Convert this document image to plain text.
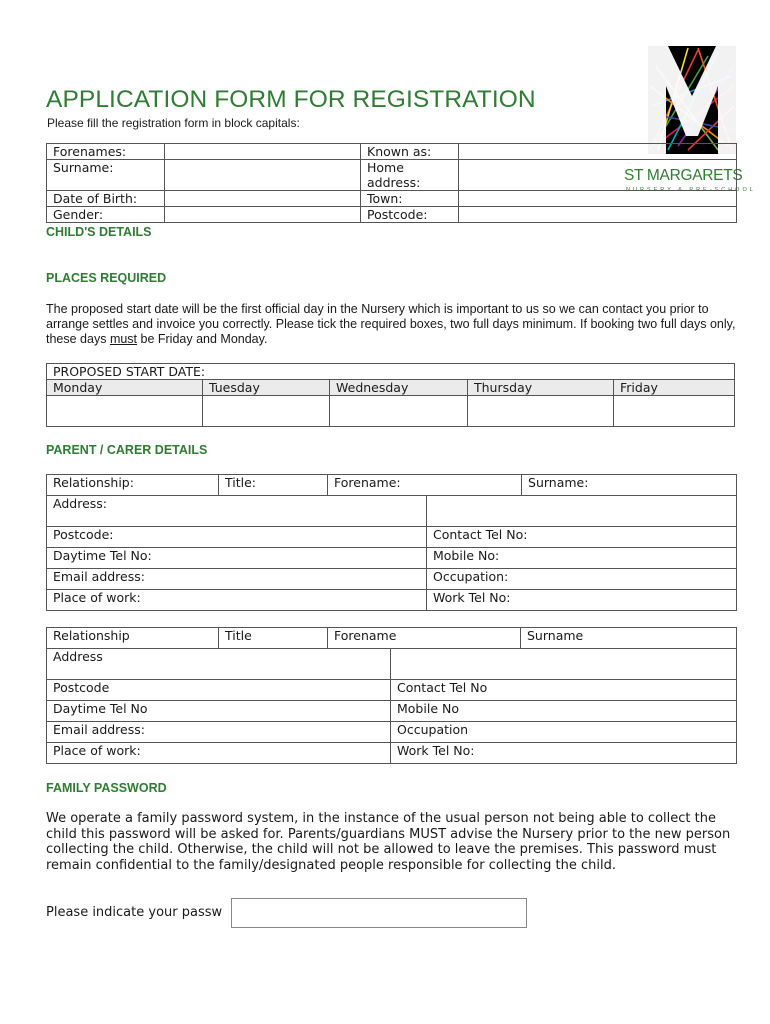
APPLICATION FORM FOR REGISTRATION
Please fill the registration form in block capitals:
ST MARGARETS
NURSERY & PRE-SCHOOL
Forenames:		Known as:	
Surname:		Home address:	
Date of Birth:		Town:	
Gender:		Postcode:	
CHILD'S DETAILS
PLACES REQUIRED
The proposed start date will be the first official day in the Nursery which is important to us so we can contact you prior to arrange settles and invoice you correctly. Please tick the required boxes, two full days minimum. If booking two full days only, these days must be Friday and Monday.
PROPOSED START DATE:				
Monday	Tuesday	Wednesday	Thursday	Friday

PARENT / CARER DETAILS
Relationship:	Title:	Forename:		Surname:
Address:				
Postcode:			Contact Tel No:	
Daytime Tel No:			Mobile No:	
Email address:			Occupation:	
Place of work:			Work Tel No:	
Relationship	Title	Forename		Surname
Address				
Postcode			Contact Tel No	
Daytime Tel No			Mobile No	
Email address:			Occupation	
Place of work:			Work Tel No:	
FAMILY PASSWORD
We operate a family password system, in the instance of the usual person not being able to collect the child this password will be asked for. Parents/guardians MUST advise the Nursery prior to the new person collecting the child. Otherwise, the child will not be allowed to leave the premises. This password must remain confidential to the family/designated people responsible for collecting the child.
Please indicate your passw
